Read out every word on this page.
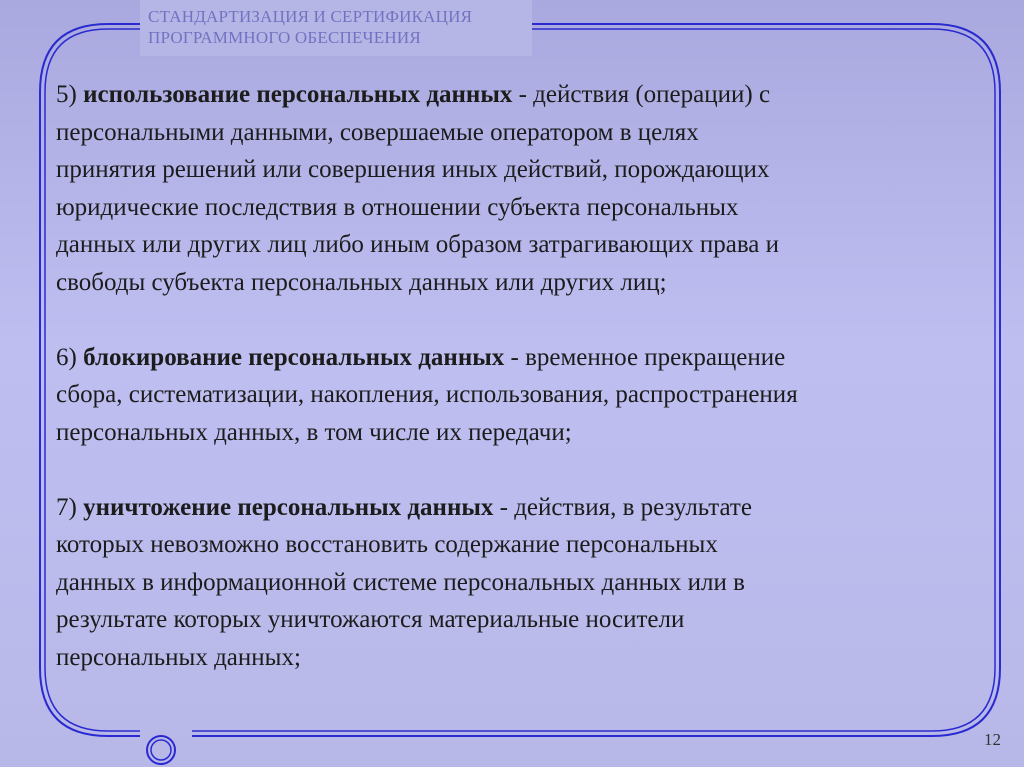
СТАНДАРТИЗАЦИЯ И СЕРТИФИКАЦИЯ
ПРОГРАММНОГО ОБЕСПЕЧЕНИЯ

5) использование персональных данных - действия (операции) с
персональными данными, совершаемые оператором в целях
принятия решений или совершения иных действий, порождающих
юридические последствия в отношении субъекта персональных
данных или других лиц либо иным образом затрагивающих права и
свободы субъекта персональных данных или других лиц;

6) блокирование персональных данных - временное прекращение
сбора, систематизации, накопления, использования, распространения
персональных данных, в том числе их передачи;

7) уничтожение персональных данных - действия, в результате
которых невозможно восстановить содержание персональных
данных в информационной системе персональных данных или в
результате которых уничтожаются материальные носители
персональных данных;

12
